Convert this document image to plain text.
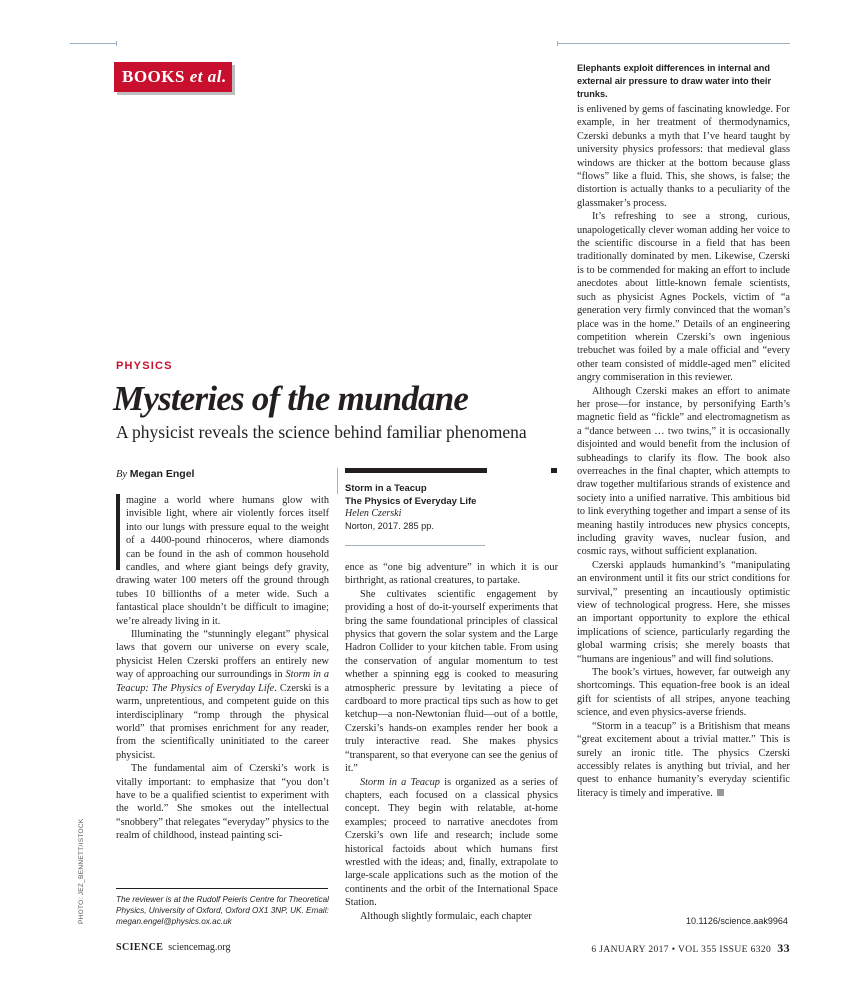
BOOKS et al.	Elephants exploit differences in internal and external air pressure to draw water into their trunks.
PHYSICS
Mysteries of the mundane
A physicist reveals the science behind familiar phenomena
By Megan Engel

magine a world where humans glow with invisible light, where air violently forces itself into our lungs with pressure equal to the weight of a 4400-pound rhinoceros, where diamonds can be found in the ash of common household candles, and where giant beings defy gravity, drawing water 100 meters off the ground through tubes 10 billionths of a meter wide. Such a fantastical place shouldn’t be difficult to imagine; we’re already living in it.

Illuminating the “stunningly elegant” physical laws that govern our universe on every scale, physicist Helen Czerski proffers an entirely new way of approaching our surroundings in Storm in a Teacup: The Physics of Everyday Life. Czerski is a warm, unpretentious, and competent guide on this interdisciplinary “romp through the physical world” that promises enrichment for any reader, from the scientifically uninitiated to the career physicist.

The fundamental aim of Czerski’s work is vitally important: to emphasize that “you don’t have to be a qualified scientist to experiment with the world.” She smokes out the intellectual “snobbery” that relegates “everyday” physics to the realm of childhood, instead painting sci-

The reviewer is at the Rudolf Peierls Centre for Theoretical Physics, University of Oxford, Oxford OX1 3NP, UK. Email: megan.engel@physics.ox.ac.uk
PHOTO: JEZ_BENNETT/ISTOCK
Storm in a Teacup
The Physics of Everyday Life
Helen Czerski
Norton, 2017. 285 pp.

ence as “one big adventure” in which it is our birthright, as rational creatures, to partake.

She cultivates scientific engagement by providing a host of do-it-yourself experiments that bring the same foundational principles of classical physics that govern the solar system and the Large Hadron Collider to your kitchen table. From using the conservation of angular momentum to test whether a spinning egg is cooked to measuring atmospheric pressure by levitating a piece of cardboard to more practical tips such as how to get ketchup—a non-Newtonian fluid—out of a bottle, Czerski’s hands-on examples render her book a truly interactive read. She makes physics “transparent, so that everyone can see the genius of it.”

Storm in a Teacup is organized as a series of chapters, each focused on a classical physics concept. They begin with relatable, at-home examples; proceed to narrative anecdotes from Czerski’s own life and research; include some historical factoids about which humans first wrestled with the ideas; and, finally, extrapolate to large-scale applications such as the motion of the continents and the orbit of the International Space Station.

Although slightly formulaic, each chapter

is enlivened by gems of fascinating knowledge. For example, in her treatment of thermodynamics, Czerski debunks a myth that I’ve heard taught by university physics professors: that medieval glass windows are thicker at the bottom because glass “flows” like a fluid. This, she shows, is false; the distortion is actually thanks to a peculiarity of the glassmaker’s process.

It’s refreshing to see a strong, curious, unapologetically clever woman adding her voice to the scientific discourse in a field that has been traditionally dominated by men. Likewise, Czerski is to be commended for making an effort to include anecdotes about little-known female scientists, such as physicist Agnes Pockels, victim of “a generation very firmly convinced that the woman’s place was in the home.” Details of an engineering competition wherein Czerski’s own ingenious trebuchet was foiled by a male official and “every other team consisted of middle-aged men” elicited angry commiseration in this reviewer.

Although Czerski makes an effort to animate her prose—for instance, by personifying Earth’s magnetic field as “fickle” and electromagnetism as a “dance between … two twins,” it is occasionally disjointed and would benefit from the inclusion of subheadings to clarify its flow. The book also overreaches in the final chapter, which attempts to draw together multifarious strands of existence and society into a unified narrative. This ambitious bid to link everything together and impart a sense of its meaning hastily introduces new physics concepts, including gravity waves, nuclear fusion, and cosmic rays, without sufficient explanation.

Czerski applauds humankind’s “manipulating an environment until it fits our strict conditions for survival,” presenting an incautiously optimistic view of technological progress. Here, she misses an important opportunity to explore the ethical implications of science, particularly regarding the global warming crisis; she merely boasts that “humans are ingenious” and will find solutions.

The book’s virtues, however, far outweigh any shortcomings. This equation-free book is an ideal gift for scientists of all stripes, anyone teaching science, and even physics-averse friends.

“Storm in a teacup” is a Britishism that means “great excitement about a trivial matter.” This is surely an ironic title. The physics Czerski accessibly relates is anything but trivial, and her quest to enhance humanity’s everyday scientific literacy is timely and imperative.

10.1126/science.aak9964
SCIENCE sciencemag.org	6 JANUARY 2017 • VOL 355 ISSUE 6320 33
